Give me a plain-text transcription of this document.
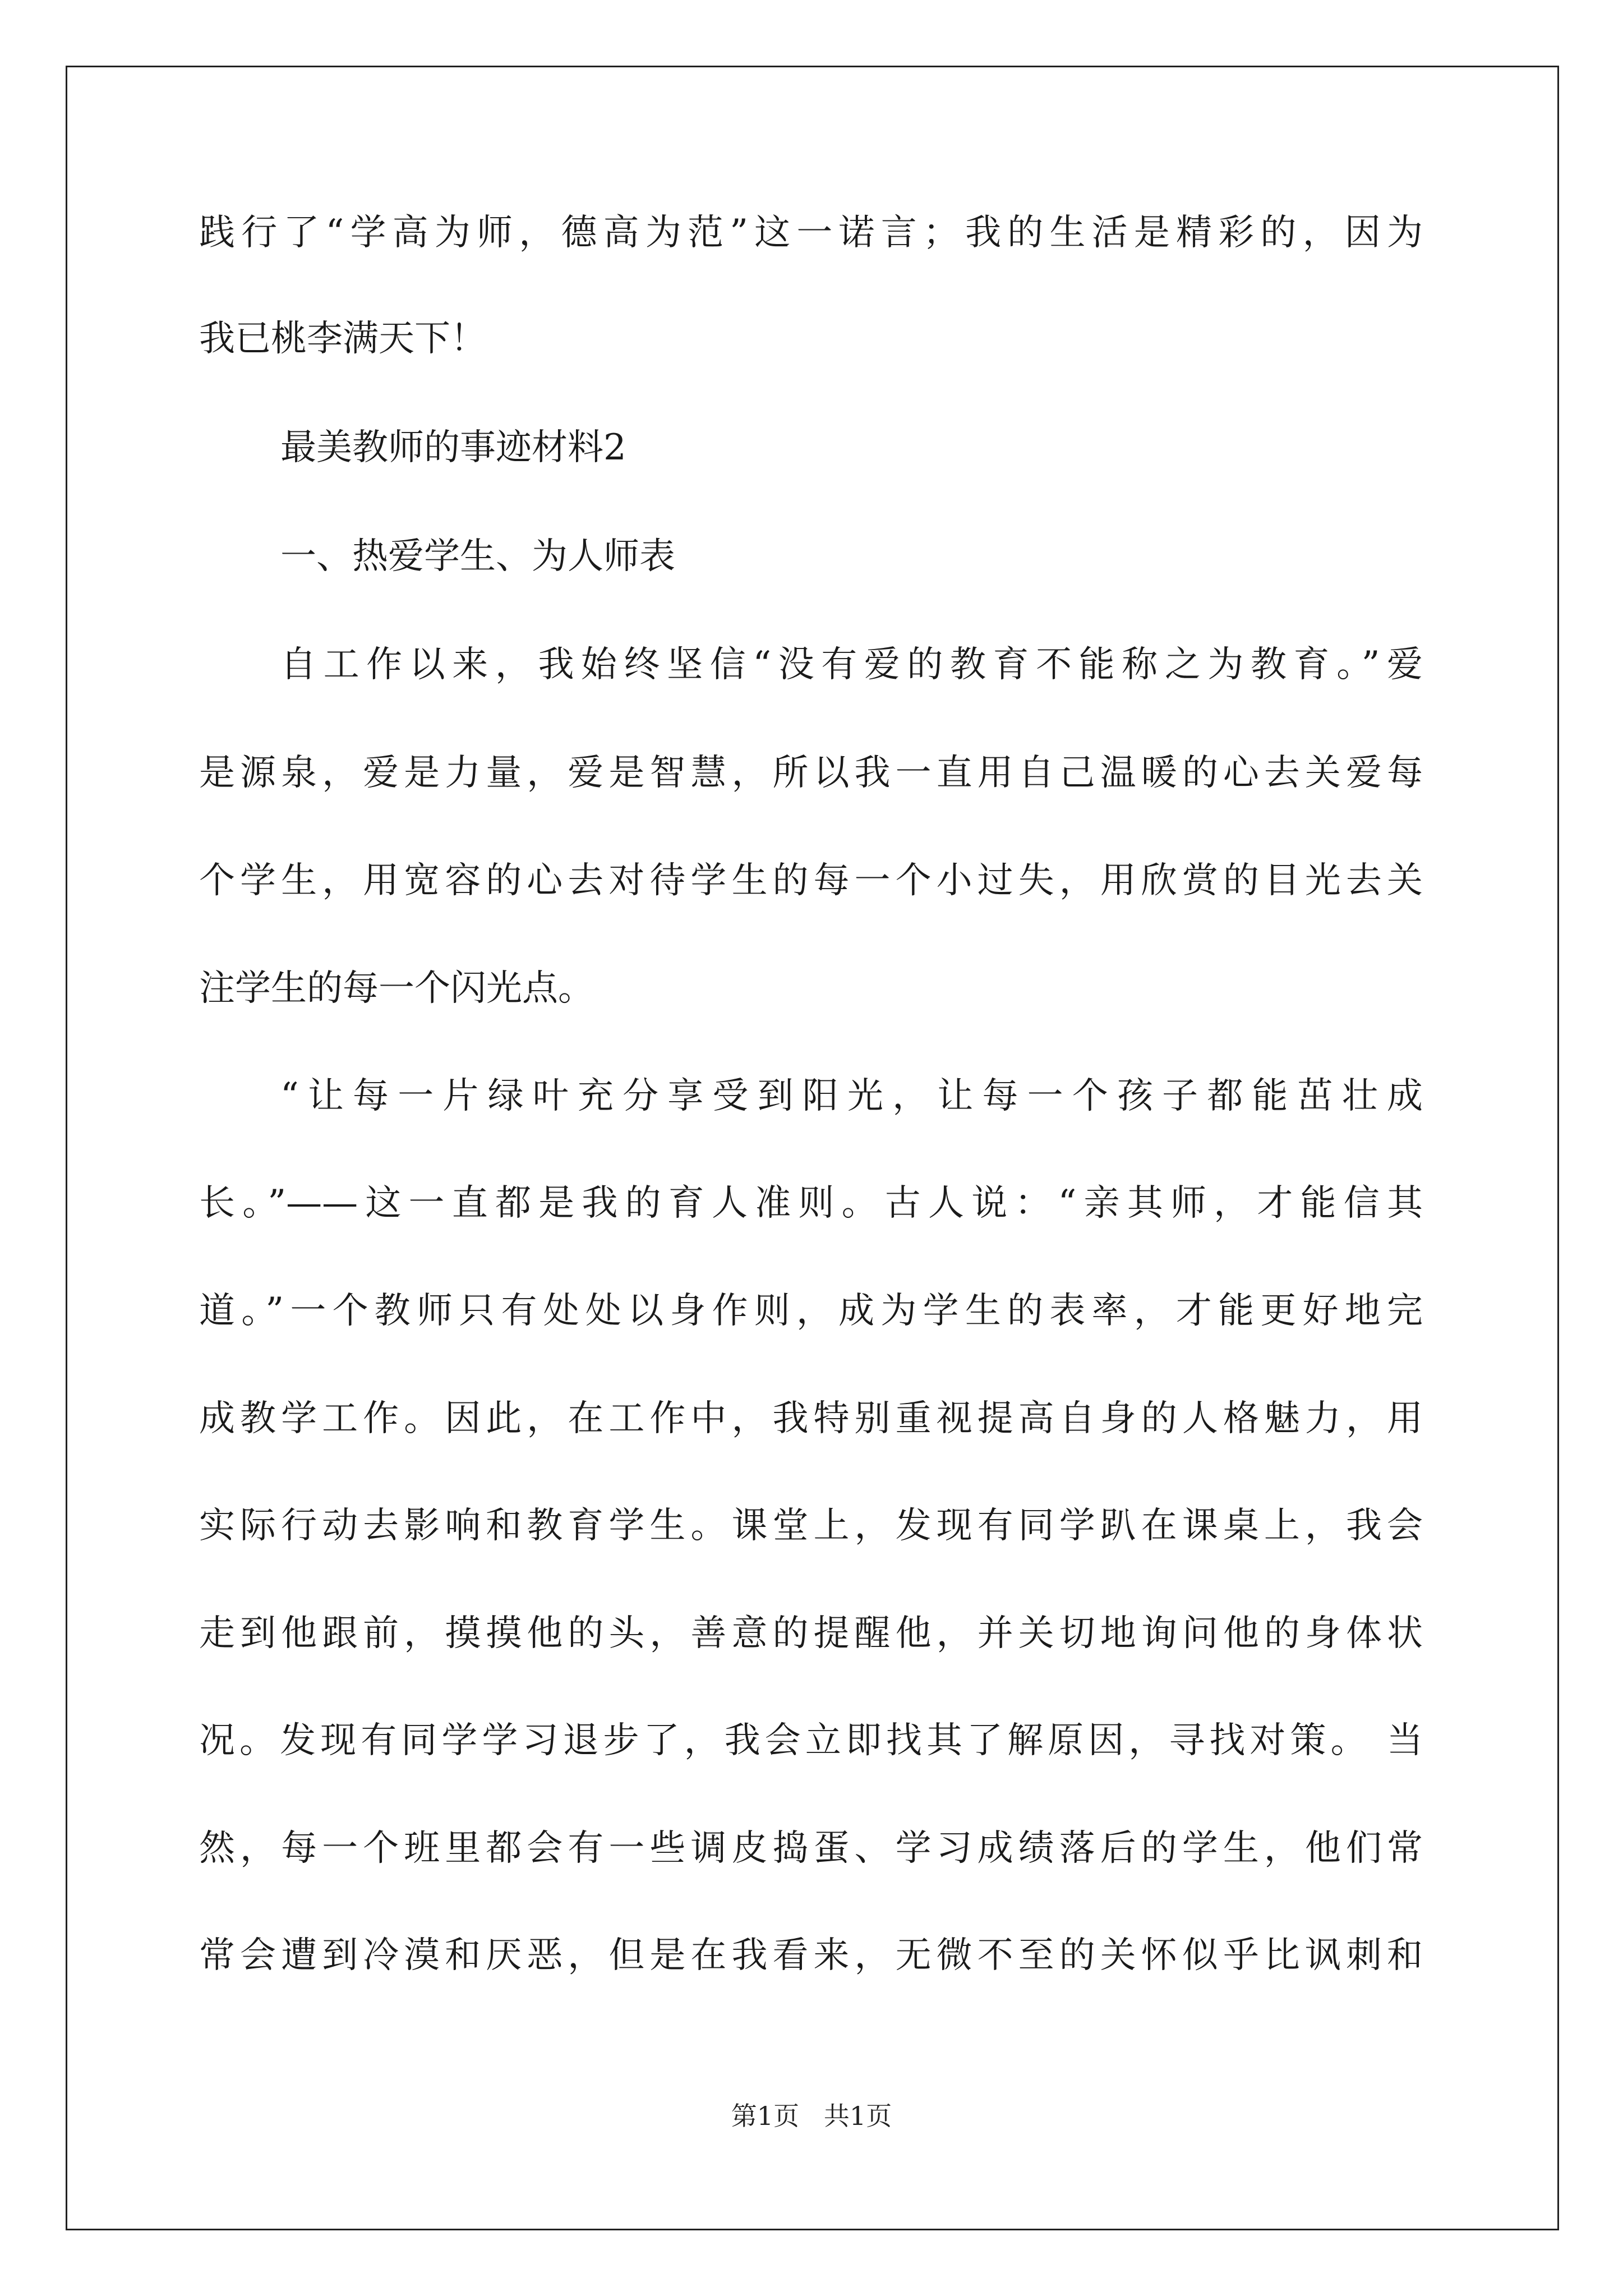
践行了“学高为师，德高为范”这一诺言；我的生活是精彩的，因为
我已桃李满天下！
最美教师的事迹材料2
一、热爱学生、为人师表
自工作以来，我始终坚信“没有爱的教育不能称之为教育。”爱
是源泉，爱是力量，爱是智慧，所以我一直用自己温暖的心去关爱每
个学生，用宽容的心去对待学生的每一个小过失，用欣赏的目光去关
注学生的每一个闪光点。
“让每一片绿叶充分享受到阳光，让每一个孩子都能茁壮成
长。”——这一直都是我的育人准则。古人说：“亲其师，才能信其
道。”一个教师只有处处以身作则，成为学生的表率，才能更好地完
成教学工作。因此，在工作中，我特别重视提高自身的人格魅力，用
实际行动去影响和教育学生。课堂上，发现有同学趴在课桌上，我会
走到他跟前，摸摸他的头，善意的提醒他，并关切地询问他的身体状
况。发现有同学学习退步了，我会立即找其了解原因，寻找对策。 当
然，每一个班里都会有一些调皮捣蛋、学习成绩落后的学生，他们常
常会遭到冷漠和厌恶，但是在我看来，无微不至的关怀似乎比讽刺和
第1页   共1页
